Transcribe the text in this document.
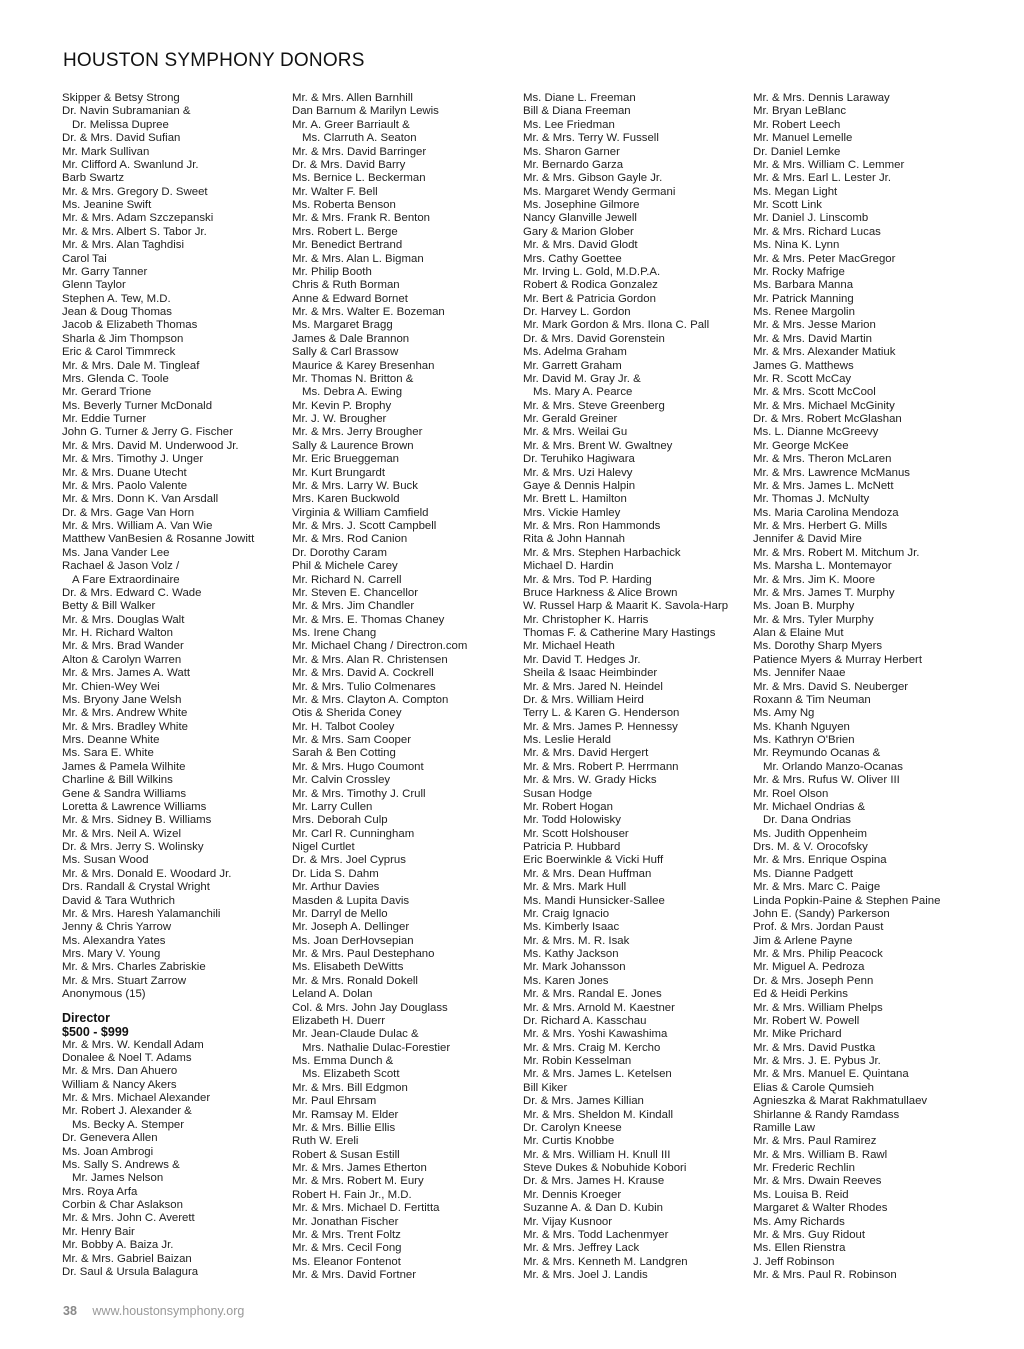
HOUSTON SYMPHONY DONORS
Skipper & Betsy Strong
Dr. Navin Subramanian &
Dr. Melissa Dupree
Dr. & Mrs. David Sufian
Mr. Mark Sullivan
Mr. Clifford A. Swanlund Jr.
Barb Swartz
Mr. & Mrs. Gregory D. Sweet
Ms. Jeanine Swift
Mr. & Mrs. Adam Szczepanski
Mr. & Mrs. Albert S. Tabor Jr.
Mr. & Mrs. Alan Taghdisi
Carol Tai
Mr. Garry Tanner
Glenn Taylor
Stephen A. Tew, M.D.
Jean & Doug Thomas
Jacob & Elizabeth Thomas
Sharla & Jim Thompson
Eric & Carol Timmreck
Mr. & Mrs. Dale M. Tingleaf
Mrs. Glenda C. Toole
Mr. Gerard Trione
Ms. Beverly Turner McDonald
Mr. Eddie Turner
John G. Turner & Jerry G. Fischer
Mr. & Mrs. David M. Underwood Jr.
Mr. & Mrs. Timothy J. Unger
Mr. & Mrs. Duane Utecht
Mr. & Mrs. Paolo Valente
Mr. & Mrs. Donn K. Van Arsdall
Dr. & Mrs. Gage Van Horn
Mr. & Mrs. William A. Van Wie
Matthew VanBesien & Rosanne Jowitt
Ms. Jana Vander Lee
Rachael & Jason Volz /
A Fare Extraordinaire
Dr. & Mrs. Edward C. Wade
Betty & Bill Walker
Mr. & Mrs. Douglas Walt
Mr. H. Richard Walton
Mr. & Mrs. Brad Wander
Alton & Carolyn Warren
Mr. & Mrs. James A. Watt
Mr. Chien-Wey Wei
Ms. Bryony Jane Welsh
Mr. & Mrs. Andrew White
Mr. & Mrs. Bradley White
Mrs. Deanne White
Ms. Sara E. White
James & Pamela Wilhite
Charline & Bill Wilkins
Gene & Sandra Williams
Loretta & Lawrence Williams
Mr. & Mrs. Sidney B. Williams
Mr. & Mrs. Neil A. Wizel
Dr. & Mrs. Jerry S. Wolinsky
Ms. Susan Wood
Mr. & Mrs. Donald E. Woodard Jr.
Drs. Randall & Crystal Wright
David & Tara Wuthrich
Mr. & Mrs. Haresh Yalamanchili
Jenny & Chris Yarrow
Ms. Alexandra Yates
Mrs. Mary V. Young
Mr. & Mrs. Charles Zabriskie
Mr. & Mrs. Stuart Zarrow
Anonymous (15)
Director
$500 - $999
Mr. & Mrs. W. Kendall Adam
Donalee & Noel T. Adams
Mr. & Mrs. Dan Ahuero
William & Nancy Akers
Mr. & Mrs. Michael Alexander
Mr. Robert J. Alexander &
Ms. Becky A. Stemper
Dr. Genevera Allen
Ms. Joan Ambrogi
Ms. Sally S. Andrews &
Mr. James Nelson
Mrs. Roya Arfa
Corbin & Char Aslakson
Mr. & Mrs. John C. Averett
Mr. Henry Bair
Mr. Bobby A. Baiza Jr.
Mr. & Mrs. Gabriel Baizan
Dr. Saul & Ursula Balagura
Mr. & Mrs. Allen Barnhill
Dan Barnum & Marilyn Lewis
Mr. A. Greer Barriault &
Ms. Clarruth A. Seaton
Mr. & Mrs. David Barringer
Dr. & Mrs. David Barry
Ms. Bernice L. Beckerman
Mr. Walter F. Bell
Ms. Roberta Benson
Mr. & Mrs. Frank R. Benton
Mrs. Robert L. Berge
Mr. Benedict Bertrand
Mr. & Mrs. Alan L. Bigman
Mr. Philip Booth
Chris & Ruth Borman
Anne & Edward Bornet
Mr. & Mrs. Walter E. Bozeman
Ms. Margaret Bragg
James & Dale Brannon
Sally & Carl Brassow
Maurice & Karey Bresenhan
Mr. Thomas N. Britton &
Ms. Debra A. Ewing
Mr. Kevin P. Brophy
Mr. J. W. Brougher
Mr. & Mrs. Jerry Brougher
Sally & Laurence Brown
Mr. Eric Brueggeman
Mr. Kurt Brungardt
Mr. & Mrs. Larry W. Buck
Mrs. Karen Buckwold
Virginia & William Camfield
Mr. & Mrs. J. Scott Campbell
Mr. & Mrs. Rod Canion
Dr. Dorothy Caram
Phil & Michele Carey
Mr. Richard N. Carrell
Mr. Steven E. Chancellor
Mr. & Mrs. Jim Chandler
Mr. & Mrs. E. Thomas Chaney
Ms. Irene Chang
Mr. Michael Chang / Directron.com
Mr. & Mrs. Alan R. Christensen
Mr. & Mrs. David A. Cockrell
Mr. & Mrs. Tulio Colmenares
Mr. & Mrs. Clayton A. Compton
Otis & Sherida Coney
Mr. H. Talbot Cooley
Mr. & Mrs. Sam Cooper
Sarah & Ben Cotting
Mr. & Mrs. Hugo Coumont
Mr. Calvin Crossley
Mr. & Mrs. Timothy J. Crull
Mr. Larry Cullen
Mrs. Deborah Culp
Mr. Carl R. Cunningham
Nigel Curtlet
Dr. & Mrs. Joel Cyprus
Dr. Lida S. Dahm
Mr. Arthur Davies
Masden & Lupita Davis
Mr. Darryl de Mello
Mr. Joseph A. Dellinger
Ms. Joan DerHovsepian
Mr. & Mrs. Paul Destephano
Ms. Elisabeth DeWitts
Mr. & Mrs. Ronald Dokell
Leland A. Dolan
Col. & Mrs. John Jay Douglass
Elizabeth H. Duerr
Mr. Jean-Claude Dulac &
Mrs. Nathalie Dulac-Forestier
Ms. Emma Dunch &
Ms. Elizabeth Scott
Mr. & Mrs. Bill Edgmon
Mr. Paul Ehrsam
Mr. Ramsay M. Elder
Mr. & Mrs. Billie Ellis
Ruth W. Ereli
Robert & Susan Estill
Mr. & Mrs. James Etherton
Mr. & Mrs. Robert M. Eury
Robert H. Fain Jr., M.D.
Mr. & Mrs. Michael D. Fertitta
Mr. Jonathan Fischer
Mr. & Mrs. Trent Foltz
Mr. & Mrs. Cecil Fong
Ms. Eleanor Fontenot
Mr. & Mrs. David Fortner
Ms. Diane L. Freeman
Bill & Diana Freeman
Ms. Lee Friedman
Mr. & Mrs. Terry W. Fussell
Ms. Sharon Garner
Mr. Bernardo Garza
Mr. & Mrs. Gibson Gayle Jr.
Ms. Margaret Wendy Germani
Ms. Josephine Gilmore
Nancy Glanville Jewell
Gary & Marion Glober
Mr. & Mrs. David Glodt
Mrs. Cathy Goettee
Mr. Irving L. Gold, M.D.P.A.
Robert & Rodica Gonzalez
Mr. Bert & Patricia Gordon
Dr. Harvey L. Gordon
Mr. Mark Gordon & Mrs. Ilona C. Pall
Dr. & Mrs. David Gorenstein
Ms. Adelma Graham
Mr. Garrett Graham
Mr. David M. Gray Jr. &
Ms. Mary A. Pearce
Mr. & Mrs. Steve Greenberg
Mr. Gerald Greiner
Mr. & Mrs. Weilai Gu
Mr. & Mrs. Brent W. Gwaltney
Dr. Teruhiko Hagiwara
Mr. & Mrs. Uzi Halevy
Gaye & Dennis Halpin
Mr. Brett L. Hamilton
Mrs. Vickie Hamley
Mr. & Mrs. Ron Hammonds
Rita & John Hannah
Mr. & Mrs. Stephen Harbachick
Michael D. Hardin
Mr. & Mrs. Tod P. Harding
Bruce Harkness & Alice Brown
W. Russel Harp & Maarit K. Savola-Harp
Mr. Christopher K. Harris
Thomas F. & Catherine Mary Hastings
Mr. Michael Heath
Mr. David T. Hedges Jr.
Sheila & Isaac Heimbinder
Mr. & Mrs. Jared N. Heindel
Dr. & Mrs. William Heird
Terry L. & Karen G. Henderson
Mr. & Mrs. James P. Hennessy
Ms. Leslie Herald
Mr. & Mrs. David Hergert
Mr. & Mrs. Robert P. Herrmann
Mr. & Mrs. W. Grady Hicks
Susan Hodge
Mr. Robert Hogan
Mr. Todd Holowisky
Mr. Scott Holshouser
Patricia P. Hubbard
Eric Boerwinkle & Vicki Huff
Mr. & Mrs. Dean Huffman
Mr. & Mrs. Mark Hull
Ms. Mandi Hunsicker-Sallee
Mr. Craig Ignacio
Ms. Kimberly Isaac
Mr. & Mrs. M. R. Isak
Ms. Kathy Jackson
Mr. Mark Johansson
Ms. Karen Jones
Mr. & Mrs. Randal E. Jones
Mr. & Mrs. Arnold M. Kaestner
Dr. Richard A. Kasschau
Mr. & Mrs. Yoshi Kawashima
Mr. & Mrs. Craig M. Kercho
Mr. Robin Kesselman
Mr. & Mrs. James L. Ketelsen
Bill Kiker
Dr. & Mrs. James Killian
Mr. & Mrs. Sheldon M. Kindall
Dr. Carolyn Kneese
Mr. Curtis Knobbe
Mr. & Mrs. William H. Knull III
Steve Dukes & Nobuhide Kobori
Dr. & Mrs. James H. Krause
Mr. Dennis Kroeger
Suzanne A. & Dan D. Kubin
Mr. Vijay Kusnoor
Mr. & Mrs. Todd Lachenmyer
Mr. & Mrs. Jeffrey Lack
Mr. & Mrs. Kenneth M. Landgren
Mr. & Mrs. Joel J. Landis
Mr. & Mrs. Dennis Laraway
Mr. Bryan LeBlanc
Mr. Robert Leech
Mr. Manuel Lemelle
Dr. Daniel Lemke
Mr. & Mrs. William C. Lemmer
Mr. & Mrs. Earl L. Lester Jr.
Ms. Megan Light
Mr. Scott Link
Mr. Daniel J. Linscomb
Mr. & Mrs. Richard Lucas
Ms. Nina K. Lynn
Mr. & Mrs. Peter MacGregor
Mr. Rocky Mafrige
Ms. Barbara Manna
Mr. Patrick Manning
Ms. Renee Margolin
Mr. & Mrs. Jesse Marion
Mr. & Mrs. David Martin
Mr. & Mrs. Alexander Matiuk
James G. Matthews
Mr. R. Scott McCay
Mr. & Mrs. Scott McCool
Mr. & Mrs. Michael McGinity
Dr. & Mrs. Robert McGlashan
Ms. L. Dianne McGreevy
Mr. George McKee
Mr. & Mrs. Theron McLaren
Mr. & Mrs. Lawrence McManus
Mr. & Mrs. James L. McNett
Mr. Thomas J. McNulty
Ms. Maria Carolina Mendoza
Mr. & Mrs. Herbert G. Mills
Jennifer & David Mire
Mr. & Mrs. Robert M. Mitchum Jr.
Ms. Marsha L. Montemayor
Mr. & Mrs. Jim K. Moore
Mr. & Mrs. James T. Murphy
Ms. Joan B. Murphy
Mr. & Mrs. Tyler Murphy
Alan & Elaine Mut
Ms. Dorothy Sharp Myers
Patience Myers & Murray Herbert
Ms. Jennifer Naae
Mr. & Mrs. David S. Neuberger
Roxann & Tim Neuman
Ms. Amy Ng
Ms. Khanh Nguyen
Ms. Kathryn O'Brien
Mr. Reymundo Ocanas &
Mr. Orlando Manzo-Ocanas
Mr. & Mrs. Rufus W. Oliver III
Mr. Roel Olson
Mr. Michael Ondrias &
Dr. Dana Ondrias
Ms. Judith Oppenheim
Drs. M. & V. Orocofsky
Mr. & Mrs. Enrique Ospina
Ms. Dianne Padgett
Mr. & Mrs. Marc C. Paige
Linda Popkin-Paine & Stephen Paine
John E. (Sandy) Parkerson
Prof. & Mrs. Jordan Paust
Jim & Arlene Payne
Mr. & Mrs. Philip Peacock
Mr. Miguel A. Pedroza
Dr. & Mrs. Joseph Penn
Ed & Heidi Perkins
Mr. & Mrs. William Phelps
Mr. Robert W. Powell
Mr. Mike Prichard
Mr. & Mrs. David Pustka
Mr. & Mrs. J. E. Pybus Jr.
Mr. & Mrs. Manuel E. Quintana
Elias & Carole Qumsieh
Agnieszka & Marat Rakhmatullaev
Shirlanne & Randy Ramdass
Ramille Law
Mr. & Mrs. Paul Ramirez
Mr. & Mrs. William B. Rawl
Mr. Frederic Rechlin
Mr. & Mrs. Dwain Reeves
Ms. Louisa B. Reid
Margaret & Walter Rhodes
Ms. Amy Richards
Mr. & Mrs. Guy Ridout
Ms. Ellen Rienstra
J. Jeff Robinson
Mr. & Mrs. Paul R. Robinson
38 www.houstonsymphony.org
